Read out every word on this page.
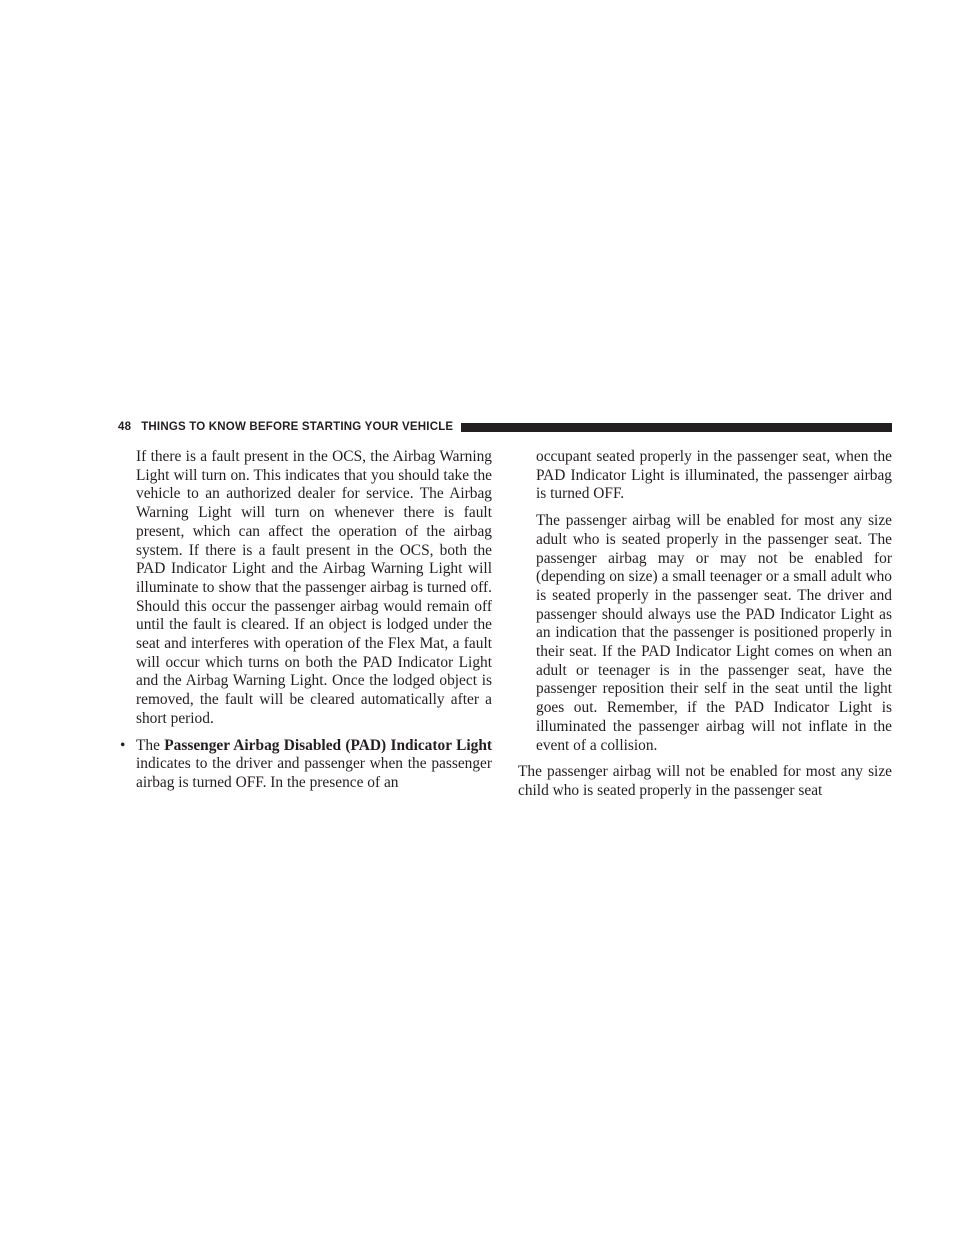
48 THINGS TO KNOW BEFORE STARTING YOUR VEHICLE

If there is a fault present in the OCS, the Airbag Warning Light will turn on. This indicates that you should take the vehicle to an authorized dealer for service. The Airbag Warning Light will turn on whenever there is fault present, which can affect the operation of the airbag system. If there is a fault present in the OCS, both the PAD Indicator Light and the Airbag Warning Light will illuminate to show that the passenger airbag is turned off. Should this occur the passenger airbag would remain off until the fault is cleared. If an object is lodged under the seat and interferes with operation of the Flex Mat, a fault will occur which turns on both the PAD Indicator Light and the Airbag Warning Light. Once the lodged object is removed, the fault will be cleared automatically after a short period.

• The Passenger Airbag Disabled (PAD) Indicator Light indicates to the driver and passenger when the passenger airbag is turned OFF. In the presence of an

occupant seated properly in the passenger seat, when the PAD Indicator Light is illuminated, the passenger airbag is turned OFF.

The passenger airbag will be enabled for most any size adult who is seated properly in the passenger seat. The passenger airbag may or may not be enabled for (depending on size) a small teenager or a small adult who is seated properly in the passenger seat. The driver and passenger should always use the PAD Indicator Light as an indication that the passenger is positioned properly in their seat. If the PAD Indicator Light comes on when an adult or teenager is in the passenger seat, have the passenger reposition their self in the seat until the light goes out. Remember, if the PAD Indicator Light is illuminated the passenger airbag will not inflate in the event of a collision.

The passenger airbag will not be enabled for most any size child who is seated properly in the passenger seat
